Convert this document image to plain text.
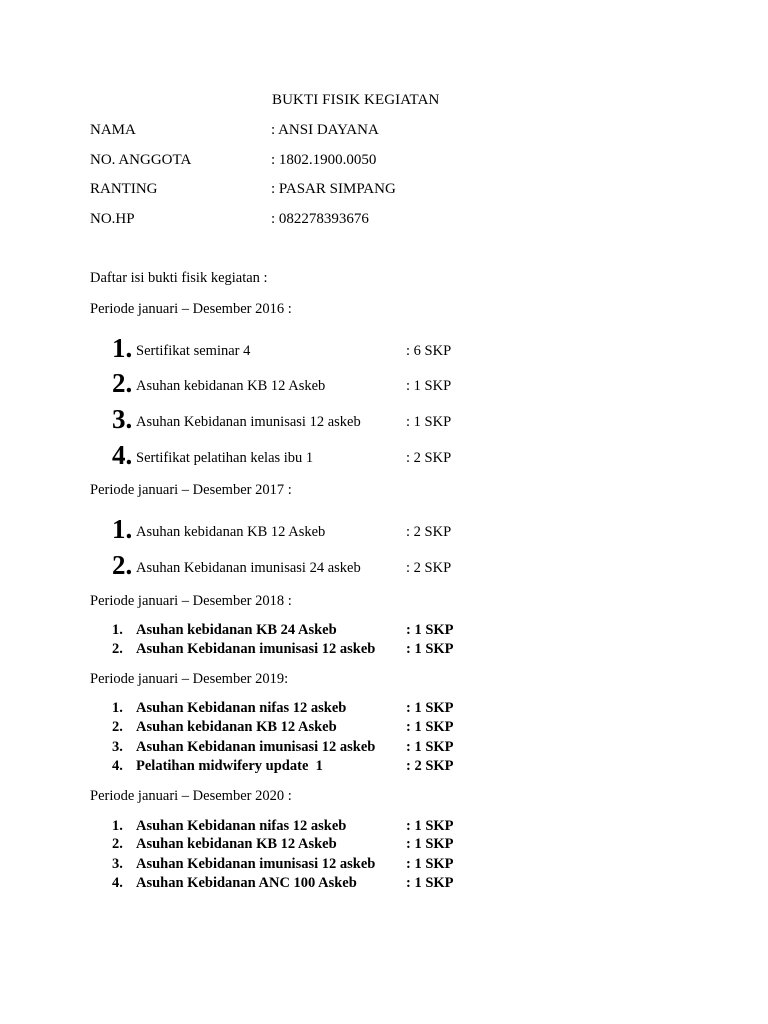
BUKTI FISIK KEGIATAN
NAMA	: ANSI DAYANA
NO. ANGGOTA	: 1802.1900.0050
RANTING	: PASAR SIMPANG
NO.HP	: 082278393676
Daftar isi bukti fisik kegiatan :
Periode januari – Desember 2016 :
1. Sertifikat seminar 4	: 6 SKP
2. Asuhan kebidanan KB 12 Askeb	: 1 SKP
3. Asuhan Kebidanan imunisasi 12 askeb	: 1 SKP
4. Sertifikat pelatihan kelas ibu 1	: 2 SKP
Periode januari – Desember 2017 :
1. Asuhan kebidanan KB 12 Askeb	: 2 SKP
2. Asuhan Kebidanan imunisasi 24 askeb	: 2 SKP
Periode januari – Desember 2018 :
1. Asuhan kebidanan KB 24 Askeb	: 1 SKP
2. Asuhan Kebidanan imunisasi 12 askeb : 1 SKP
Periode januari – Desember 2019:
1. Asuhan Kebidanan nifas 12 askeb	: 1 SKP
2. Asuhan kebidanan KB 12 Askeb	: 1 SKP
3. Asuhan Kebidanan imunisasi 12 askeb : 1 SKP
4. Pelatihan midwifery update  1	: 2 SKP
Periode januari – Desember 2020 :
1. Asuhan Kebidanan nifas 12 askeb	: 1 SKP
2. Asuhan kebidanan KB 12 Askeb	: 1 SKP
3. Asuhan Kebidanan imunisasi 12 askeb : 1 SKP
4. Asuhan Kebidanan ANC 100 Askeb	: 1 SKP
